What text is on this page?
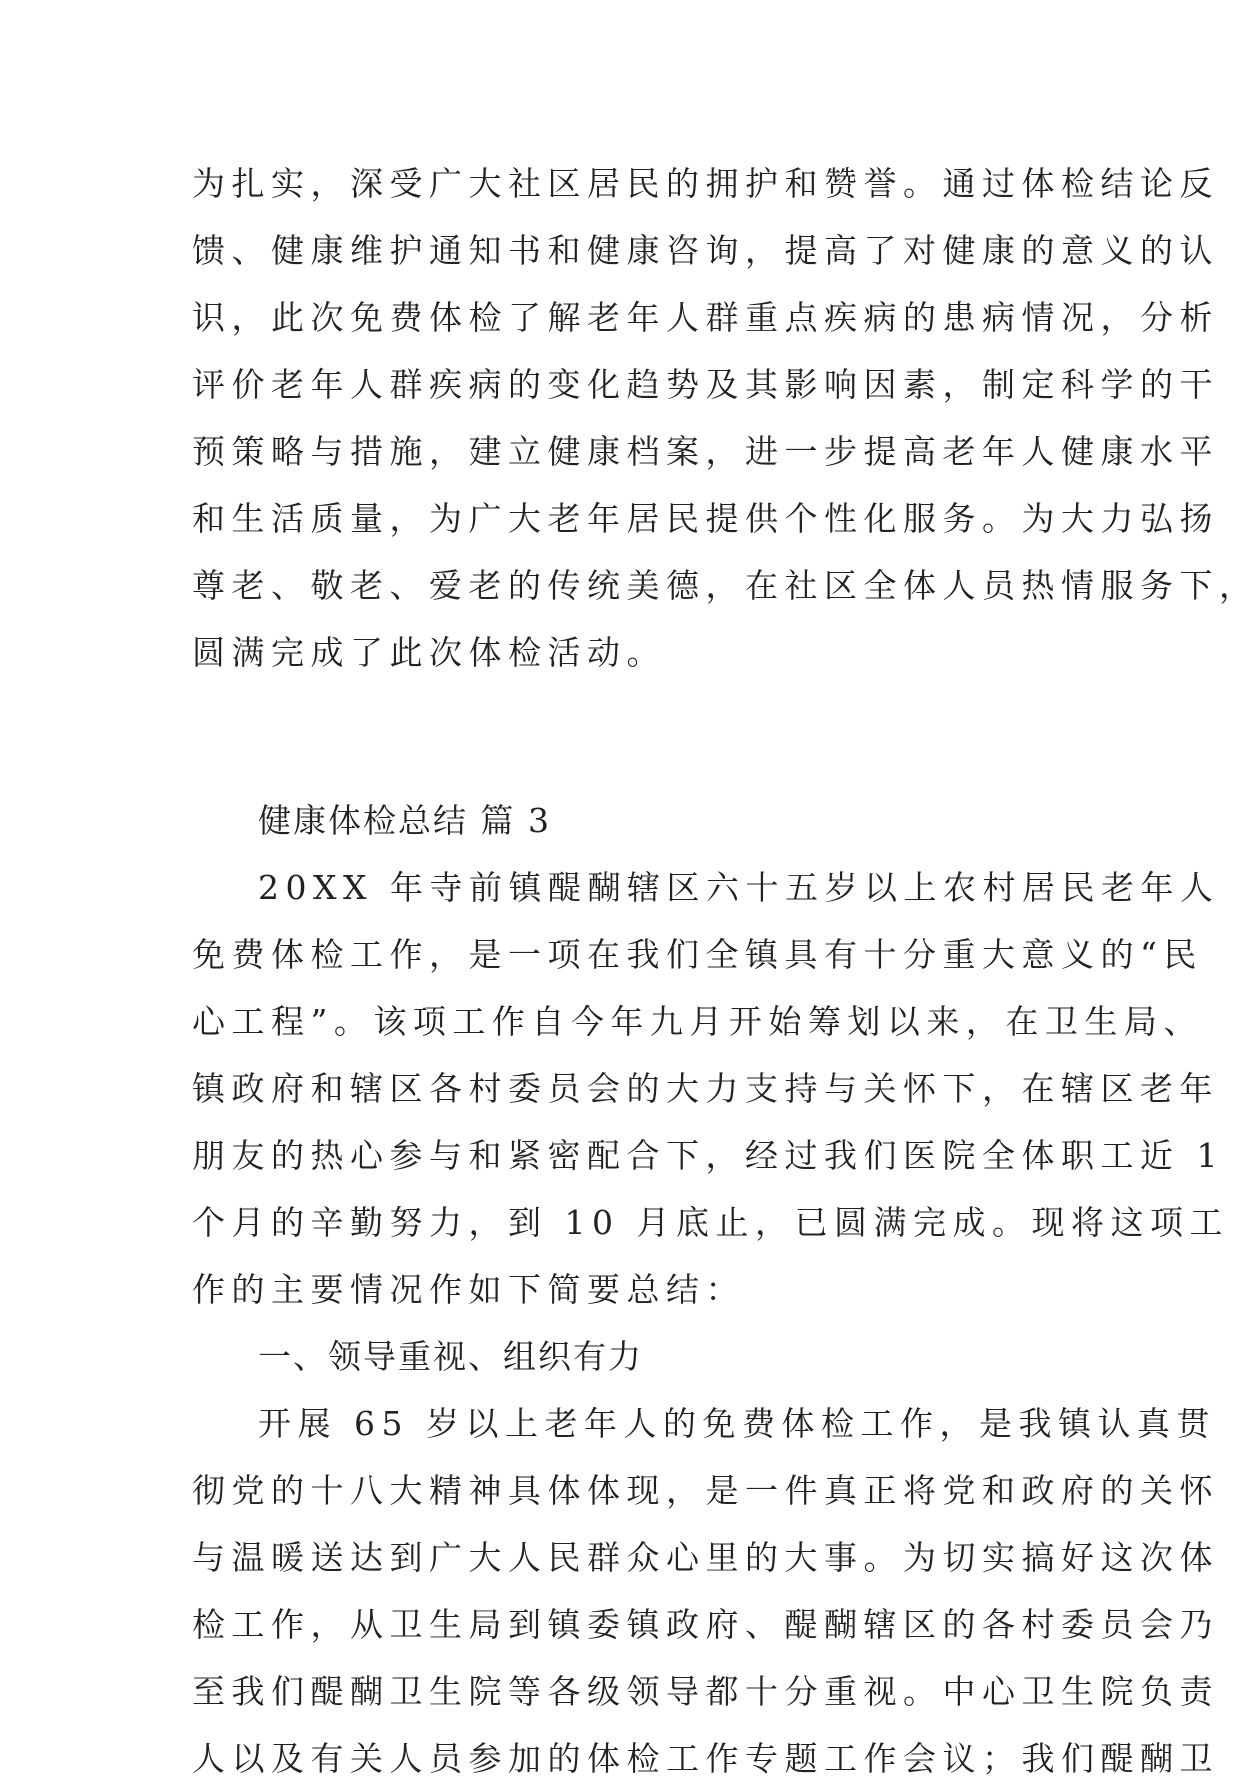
为扎实，深受广大社区居民的拥护和赞誉。通过体检结论反
馈、健康维护通知书和健康咨询，提高了对健康的意义的认
识，此次免费体检了解老年人群重点疾病的患病情况，分析
评价老年人群疾病的变化趋势及其影响因素，制定科学的干
预策略与措施，建立健康档案，进一步提高老年人健康水平
和生活质量，为广大老年居民提供个性化服务。为大力弘扬
尊老、敬老、爱老的传统美德，在社区全体人员热情服务下，
圆满完成了此次体检活动。
健康体检总结 篇 3
20XX 年寺前镇醍醐辖区六十五岁以上农村居民老年人
免费体检工作，是一项在我们全镇具有十分重大意义的“民
心工程”。该项工作自今年九月开始筹划以来，在卫生局、
镇政府和辖区各村委员会的大力支持与关怀下，在辖区老年
朋友的热心参与和紧密配合下，经过我们医院全体职工近 1
个月的辛勤努力，到 10 月底止，已圆满完成。现将这项工
作的主要情况作如下简要总结：
一、领导重视、组织有力
开展 65 岁以上老年人的免费体检工作，是我镇认真贯
彻党的十八大精神具体体现，是一件真正将党和政府的关怀
与温暖送达到广大人民群众心里的大事。为切实搞好这次体
检工作，从卫生局到镇委镇政府、醍醐辖区的各村委员会乃
至我们醍醐卫生院等各级领导都十分重视。中心卫生院负责
人以及有关人员参加的体检工作专题工作会议；我们醍醐卫
